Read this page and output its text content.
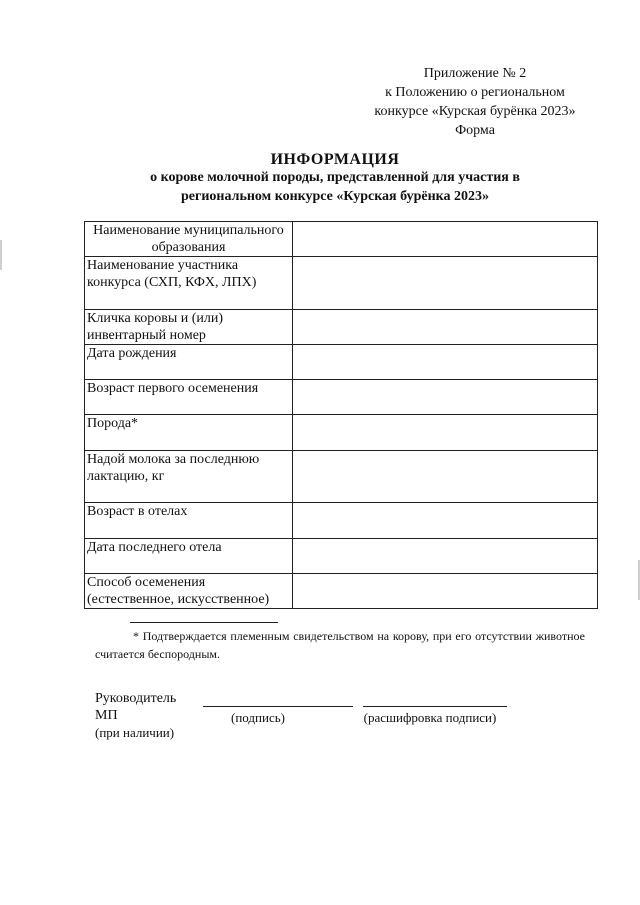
Приложение № 2
к Положению о региональном
конкурсе «Курская бурёнка 2023»
Форма
ИНФОРМАЦИЯ
о корове молочной породы, представленной для участия в
региональном конкурсе «Курская бурёнка 2023»
Наименование муниципального образования	
Наименование участника конкурса (СХП, КФХ, ЛПХ)	
Кличка коровы и (или) инвентарный номер	
Дата рождения	
Возраст первого осеменения	
Порода*	
Надой молока за последнюю лактацию, кг	
Возраст в отелах	
Дата последнего отела	
Способ осеменения (естественное, искусственное)	
* Подтверждается племенным свидетельством на корову, при его отсутствии животное считается беспородным.
Руководитель
МП
(при наличии)
(подпись)	(расшифровка подписи)
